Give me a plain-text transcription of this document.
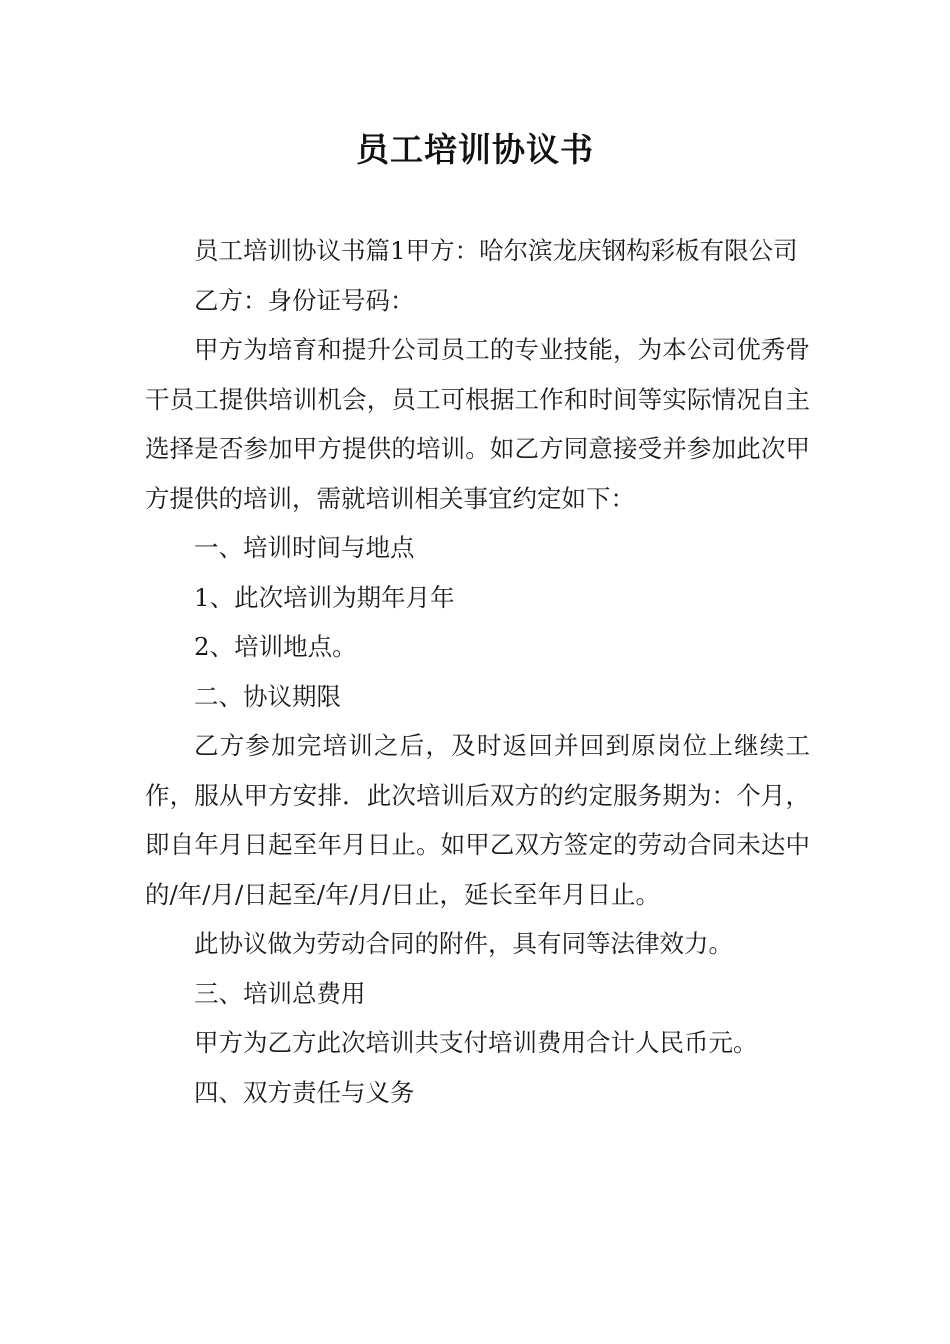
员工培训协议书

员工培训协议书篇1甲方：哈尔滨龙庆钢构彩板有限公司

乙方：身份证号码：

甲方为培育和提升公司员工的专业技能，为本公司优秀骨干员工提供培训机会，员工可根据工作和时间等实际情况自主选择是否参加甲方提供的培训。如乙方同意接受并参加此次甲方提供的培训，需就培训相关事宜约定如下：

一、培训时间与地点

1、此次培训为期年月年

2、培训地点。

二、协议期限

乙方参加完培训之后，及时返回并回到原岗位上继续工作，服从甲方安排．此次培训后双方的约定服务期为：个月，即自年月日起至年月日止。如甲乙双方签定的劳动合同未达中的/年/月/日起至/年/月/日止，延长至年月日止。

此协议做为劳动合同的附件，具有同等法律效力。

三、培训总费用

甲方为乙方此次培训共支付培训费用合计人民币元。

四、双方责任与义务
